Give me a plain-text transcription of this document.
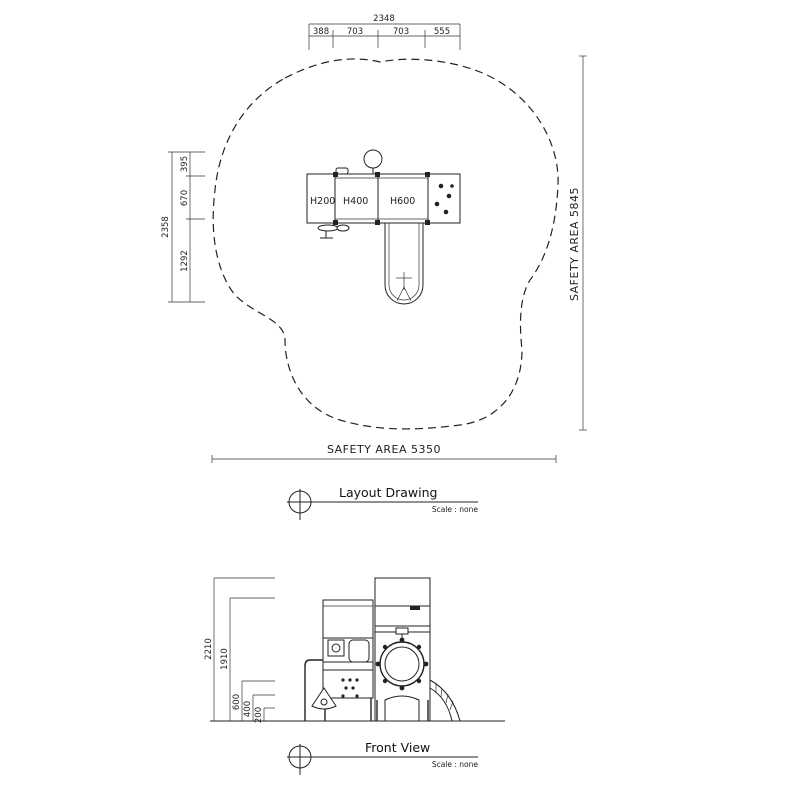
2348
388 703	703	555
2358
395
670
1292
H200 H400 H600
SAFETY AREA 5350
SAFETY AREA 5845
Layout Drawing
Scale : none
2210 1910
600 400 200
Front View
Scale : none
